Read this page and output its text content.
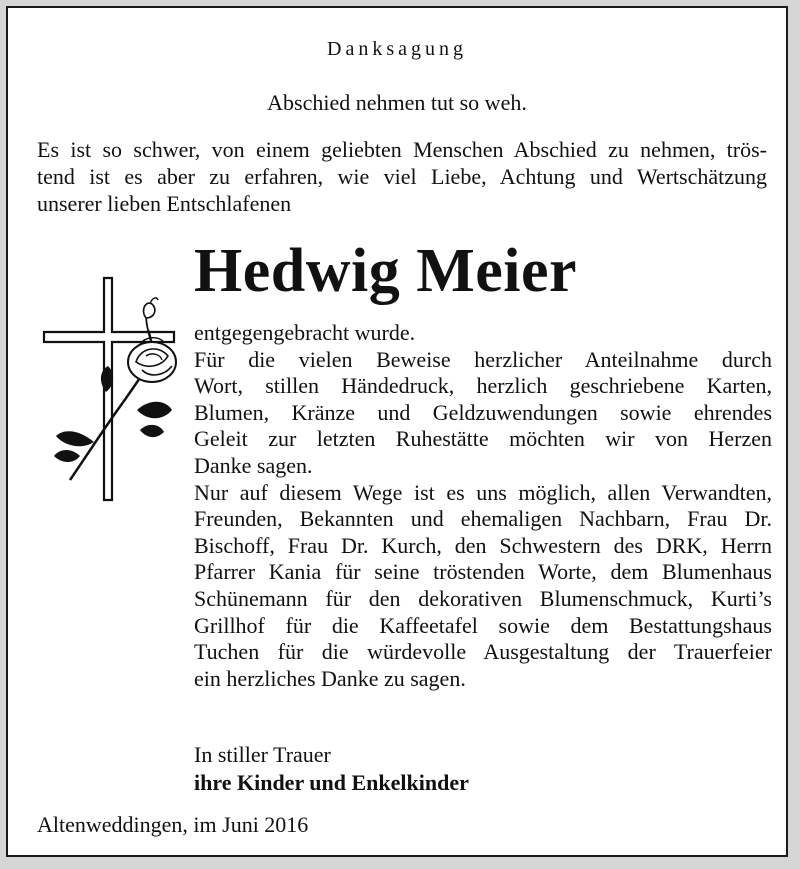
Danksagung
Abschied nehmen tut so weh.
Es ist so schwer, von einem geliebten Menschen Abschied zu nehmen, trös-
tend ist es aber zu erfahren, wie viel Liebe, Achtung und Wertschätzung
unserer lieben Entschlafenen
Hedwig Meier
entgegengebracht wurde.
Für die vielen Beweise herzlicher Anteilnahme durch
Wort, stillen Händedruck, herzlich geschriebene Karten,
Blumen, Kränze und Geldzuwendungen sowie ehrendes
Geleit zur letzten Ruhestätte möchten wir von Herzen
Danke sagen.
Nur auf diesem Wege ist es uns möglich, allen Verwandten,
Freunden, Bekannten und ehemaligen Nachbarn, Frau Dr.
Bischoff, Frau Dr. Kurch, den Schwestern des DRK, Herrn
Pfarrer Kania für seine tröstenden Worte, dem Blumenhaus
Schünemann für den dekorativen Blumenschmuck, Kurti’s
Grillhof für die Kaffeetafel sowie dem Bestattungshaus
Tuchen für die würdevolle Ausgestaltung der Trauerfeier
ein herzliches Danke zu sagen.
In stiller Trauer
ihre Kinder und Enkelkinder
Altenweddingen, im Juni 2016
